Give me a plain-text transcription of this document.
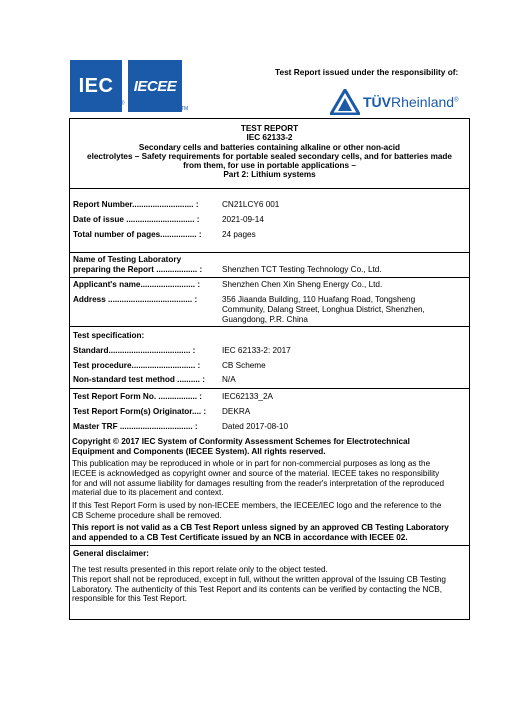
IEC
®
IECEE
TM
Test Report issued under the responsibility of:
TÜVRheinland®
TEST REPORT
IEC 62133-2
Secondary cells and batteries containing alkaline or other non-acid
electrolytes – Safety requirements for portable sealed secondary cells, and for batteries made
from them, for use in portable applications –
Part 2: Lithium systems
Report Number........................... :	CN21LCY6 001
Date of issue .............................. :	2021-09-14
Total number of pages................ : 24 pages
Name of Testing Laboratory
preparing the Report .................. : Shenzhen TCT Testing Technology Co., Ltd.
Applicant's name........................ :	Shenzhen Chen Xin Sheng Energy Co., Ltd.
Address ..................................... :	356 Jiaanda Building, 110 Huafang Road, Tongsheng
Community, Dalang Street, Longhua District, Shenzhen,
Guangdong, P.R. China
Test specification:
Standard.................................... :	IEC 62133-2: 2017
Test procedure............................ :	CB Scheme
Non-standard test method .......... : N/A
Test Report Form No. ................. : IEC62133_2A
Test Report Form(s) Originator.... : DEKRA
Master TRF ................................ :	Dated 2017-08-10
Copyright © 2017 IEC System of Conformity Assessment Schemes for Electrotechnical
Equipment and Components (IECEE System). All rights reserved.
This publication may be reproduced in whole or in part for non-commercial purposes as long as the
IECEE is acknowledged as copyright owner and source of the material. IECEE takes no responsibility
for and will not assume liability for damages resulting from the reader's interpretation of the reproduced
material due to its placement and context.
If this Test Report Form is used by non-IECEE members, the IECEE/IEC logo and the reference to the
CB Scheme procedure shall be removed.
This report is not valid as a CB Test Report unless signed by an approved CB Testing Laboratory
and appended to a CB Test Certificate issued by an NCB in accordance with IECEE 02.
General disclaimer:
The test results presented in this report relate only to the object tested.
This report shall not be reproduced, except in full, without the written approval of the Issuing CB Testing
Laboratory. The authenticity of this Test Report and its contents can be verified by contacting the NCB,
responsible for this Test Report.
